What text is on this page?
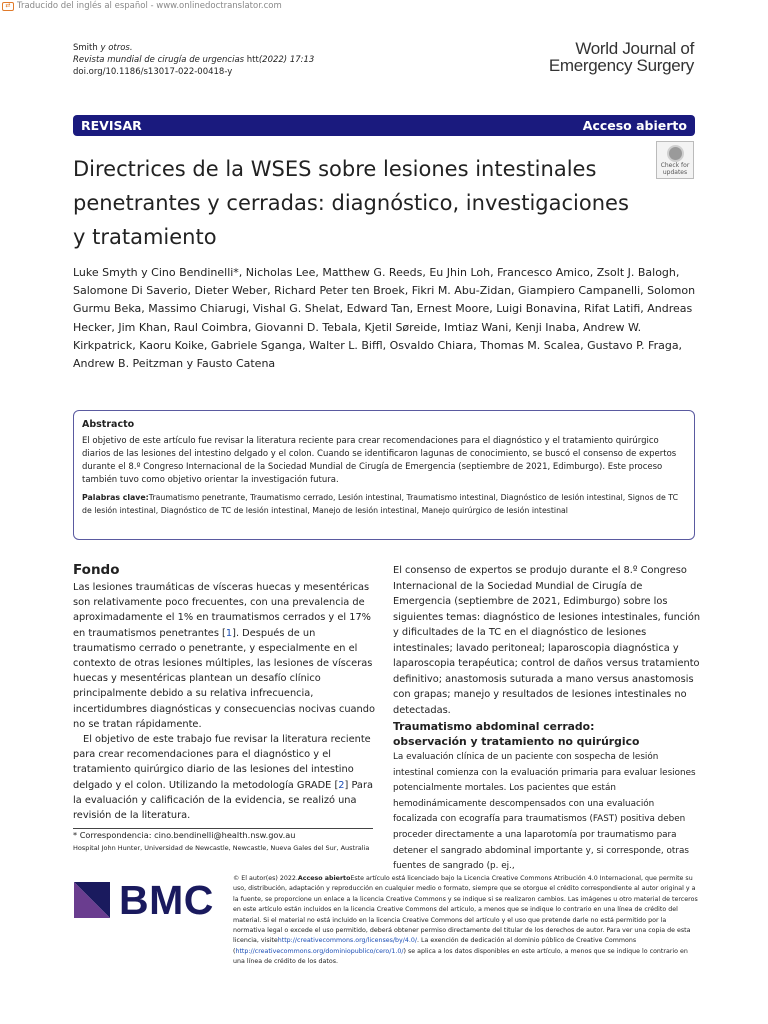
⇄ Traducido del inglés al español - www.onlinedoctranslator.com
Smith y otros.
Revista mundial de cirugía de urgencias htt(2022) 17:13
doi.org/10.1186/s13017-022-00418-y
World Journal of
Emergency Surgery
REVISAR	Acceso abierto
Directrices de la WSES sobre lesiones intestinales penetrantes y cerradas: diagnóstico, investigaciones y tratamiento
Check for
updates
Luke Smyth y Cino Bendinelli*, Nicholas Lee, Matthew G. Reeds, Eu Jhin Loh, Francesco Amico, Zsolt J. Balogh, Salomone Di Saverio, Dieter Weber, Richard Peter ten Broek, Fikri M. Abu-Zidan, Giampiero Campanelli, Solomon Gurmu Beka, Massimo Chiarugi, Vishal G. Shelat, Edward Tan, Ernest Moore, Luigi Bonavina, Rifat Latifi, Andreas Hecker, Jim Khan, Raul Coimbra, Giovanni D. Tebala, Kjetil Søreide, Imtiaz Wani, Kenji Inaba, Andrew W. Kirkpatrick, Kaoru Koike, Gabriele Sganga, Walter L. Biffl, Osvaldo Chiara, Thomas M. Scalea, Gustavo P. Fraga, Andrew B. Peitzman y Fausto Catena
Abstracto
El objetivo de este artículo fue revisar la literatura reciente para crear recomendaciones para el diagnóstico y el tratamiento quirúrgico diarios de las lesiones del intestino delgado y el colon. Cuando se identificaron lagunas de conocimiento, se buscó el consenso de expertos durante el 8.º Congreso Internacional de la Sociedad Mundial de Cirugía de Emergencia (septiembre de 2021, Edimburgo). Este proceso también tuvo como objetivo orientar la investigación futura.
Palabras clave:Traumatismo penetrante, Traumatismo cerrado, Lesión intestinal, Traumatismo intestinal, Diagnóstico de lesión intestinal, Signos de TC de lesión intestinal, Diagnóstico de TC de lesión intestinal, Manejo de lesión intestinal, Manejo quirúrgico de lesión intestinal
Fondo

Las lesiones traumáticas de vísceras huecas y mesentéricas son relativamente poco frecuentes, con una prevalencia de aproximadamente el 1% en traumatismos cerrados y el 17% en traumatismos penetrantes [1]. Después de un traumatismo cerrado o penetrante, y especialmente en el contexto de otras lesiones múltiples, las lesiones de vísceras huecas y mesentéricas plantean un desafío clínico principalmente debido a su relativa infrecuencia, incertidumbres diagnósticas y consecuencias nocivas cuando no se tratan rápidamente.

El objetivo de este trabajo fue revisar la literatura reciente para crear recomendaciones para el diagnóstico y el tratamiento quirúrgico diario de las lesiones del intestino delgado y el colon. Utilizando la metodología GRADE [2] Para la evaluación y calificación de la evidencia, se realizó una revisión de la literatura.

El consenso de expertos se produjo durante el 8.º Congreso Internacional de la Sociedad Mundial de Cirugía de Emergencia (septiembre de 2021, Edimburgo) sobre los siguientes temas: diagnóstico de lesiones intestinales, función y dificultades de la TC en el diagnóstico de lesiones intestinales; lavado peritoneal; laparoscopia diagnóstica y laparoscopia terapéutica; control de daños versus tratamiento definitivo; anastomosis suturada a mano versus anastomosis con grapas; manejo y resultados de lesiones intestinales no detectadas.

Traumatismo abdominal cerrado:
observación y tratamiento no quirúrgico

La evaluación clínica de un paciente con sospecha de lesión intestinal comienza con la evaluación primaria para evaluar lesiones potencialmente mortales. Los pacientes que están hemodinámicamente descompensados con una evaluación focalizada con ecografía para traumatismos (FAST) positiva deben proceder directamente a una laparotomía por traumatismo para detener el sangrado abdominal importante y, si corresponde, otras fuentes de sangrado (p. ej.,

* Correspondencia: cino.bendinelli@health.nsw.gov.au
Hospital John Hunter, Universidad de Newcastle, Newcastle, Nueva Gales del Sur, Australia
BMC	© El autor(es) 2022.Acceso abiertoEste artículo está licenciado bajo la Licencia Creative Commons Atribución 4.0 Internacional, que permite su uso, distribución, adaptación y reproducción en cualquier medio o formato, siempre que se otorgue el crédito correspondiente al autor original y a la fuente, se proporcione un enlace a la licencia Creative Commons y se indique si se realizaron cambios. Las imágenes u otro material de terceros en este artículo están incluidos en la licencia Creative Commons del artículo, a menos que se indique lo contrario en una línea de crédito del material. Si el material no está incluido en la licencia Creative Commons del artículo y el uso que pretende darle no está permitido por la normativa legal o excede el uso permitido, deberá obtener permiso directamente del titular de los derechos de autor. Para ver una copia de esta licencia, visitehttp://creativecommons.org/licenses/by/4.0/. La exención de dedicación al dominio público de Creative Commons (http://creativecommons.org/dominiopublico/cero/1.0/) se aplica a los datos disponibles en este artículo, a menos que se indique lo contrario en una línea de crédito de los datos.
